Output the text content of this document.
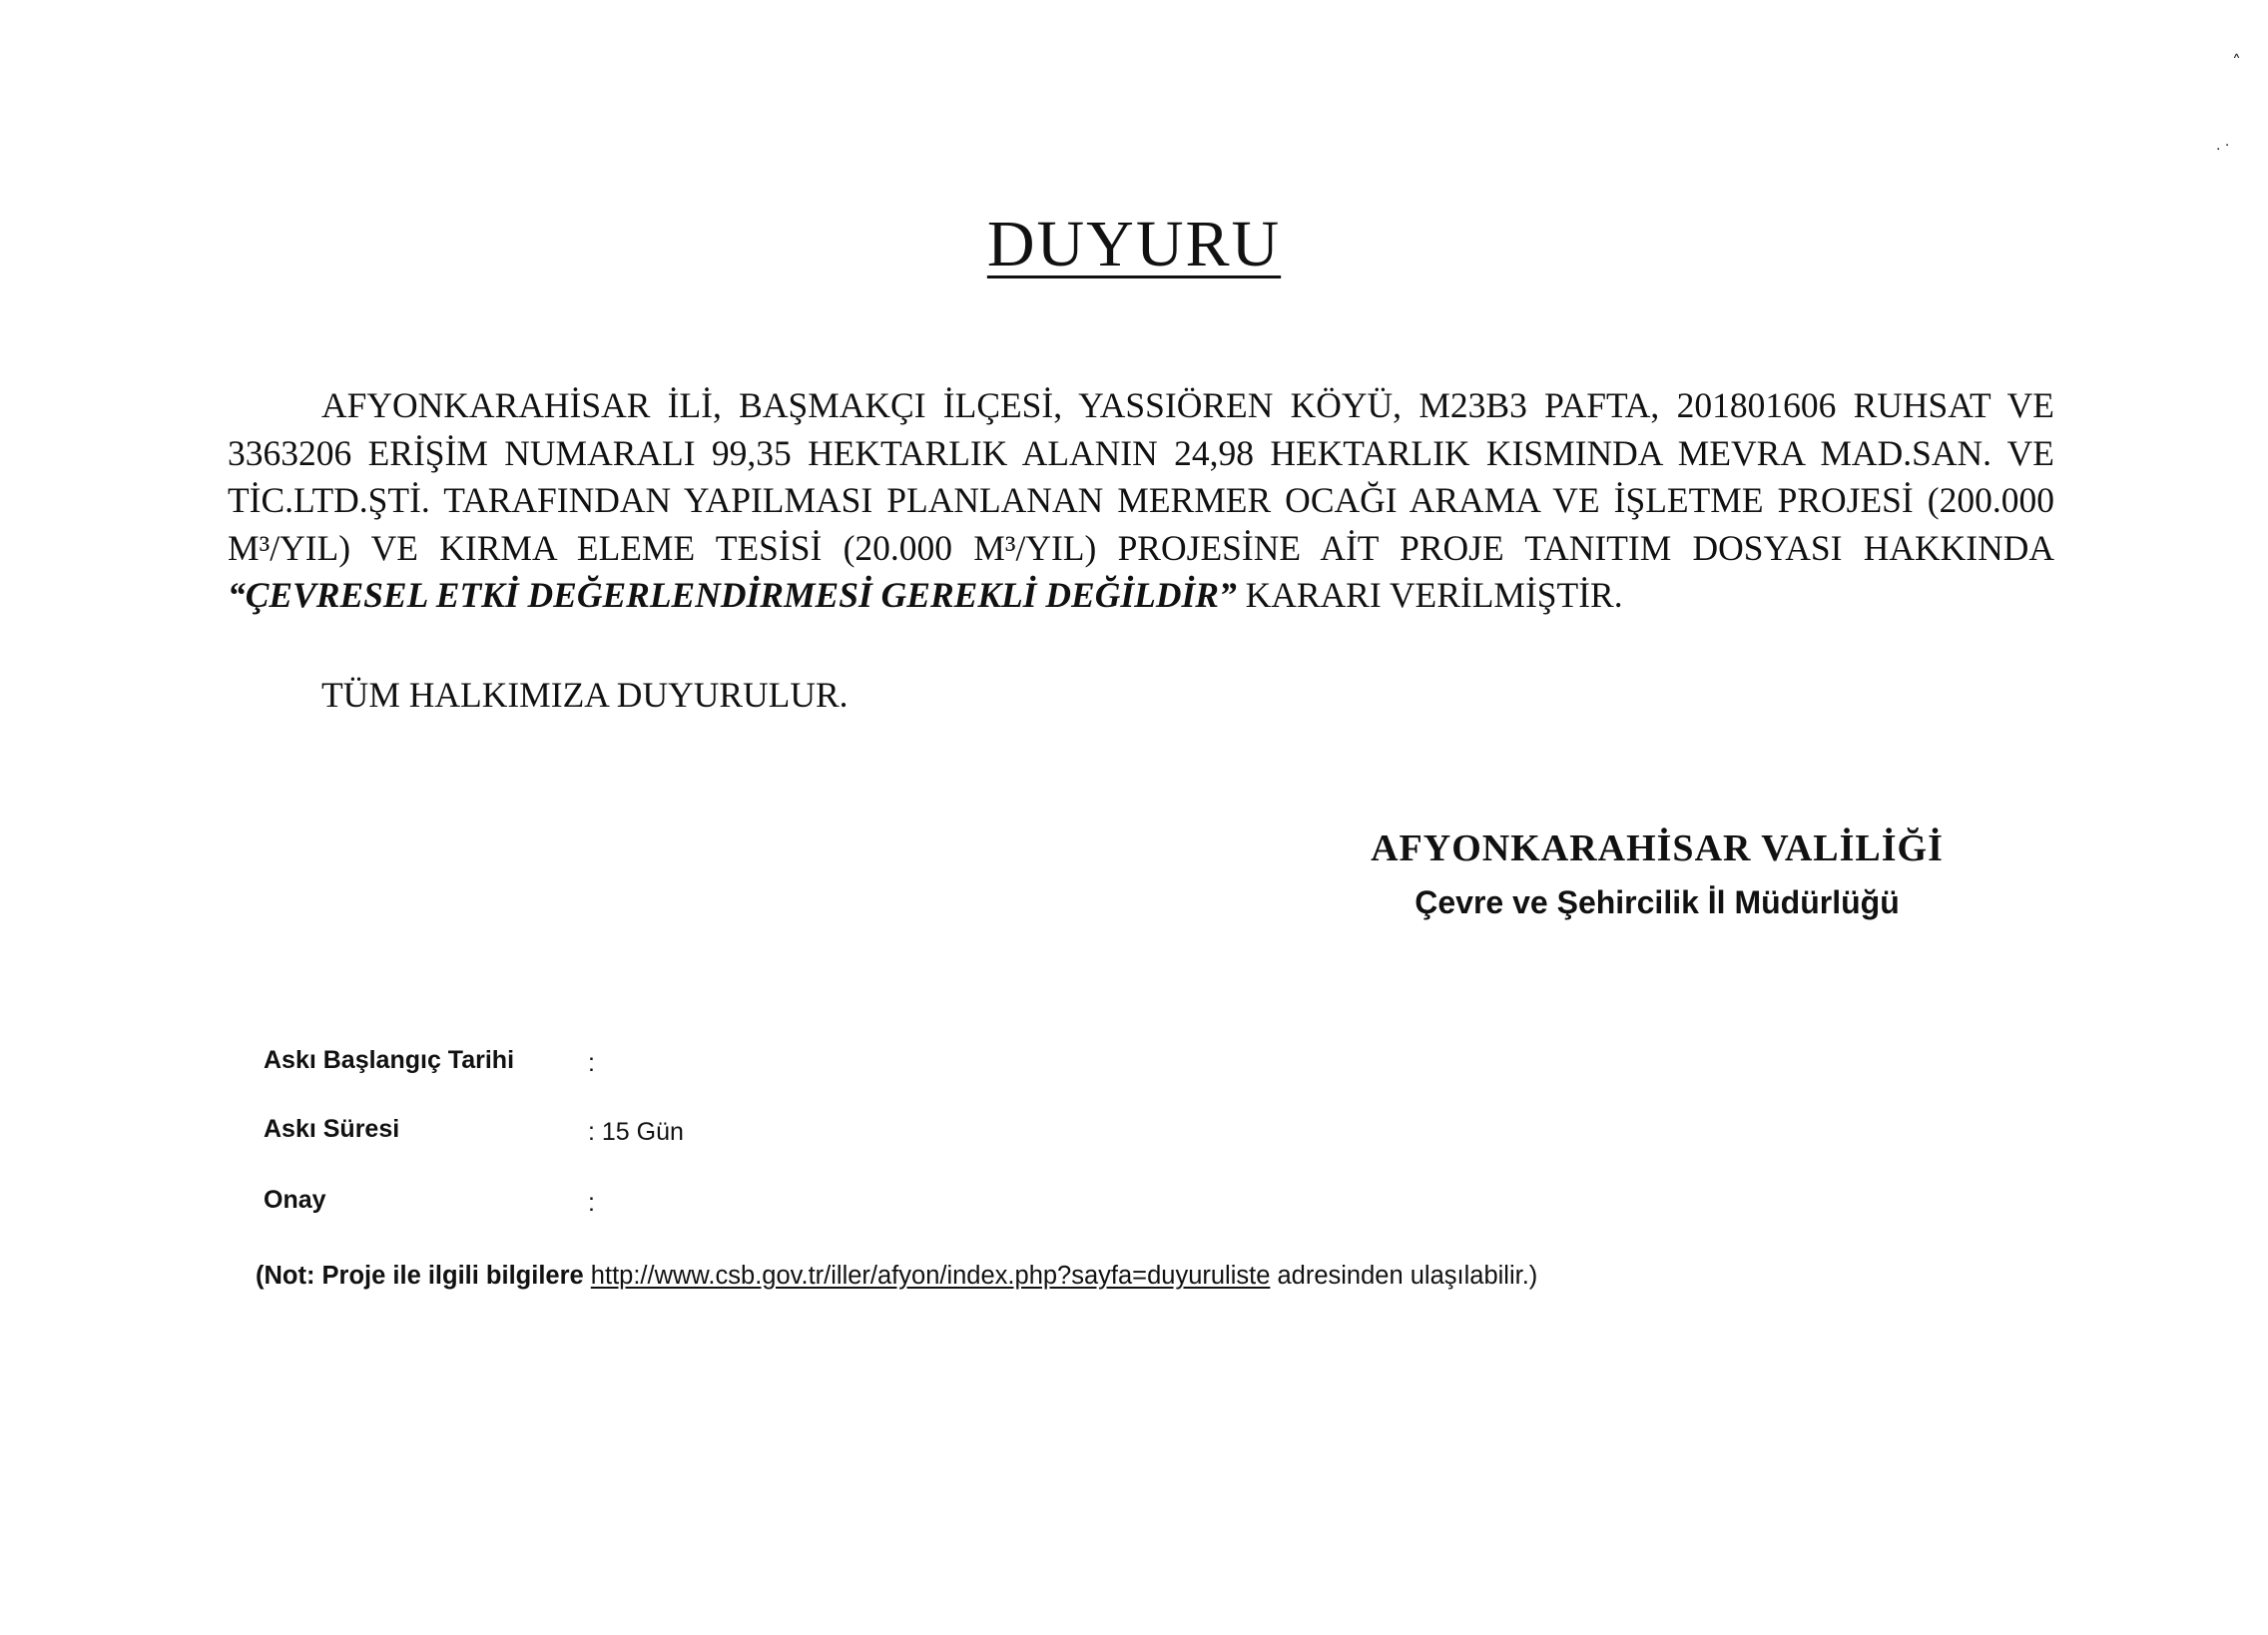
DUYURU

AFYONKARAHİSAR İLİ, BAŞMAKÇI İLÇESİ, YASSIÖREN KÖYÜ, M23B3 PAFTA, 201801606 RUHSAT VE 3363206 ERİŞİM NUMARALI 99,35 HEKTARLIK ALANIN 24,98 HEKTARLIK KISMINDA MEVRA MAD.SAN. VE TİC.LTD.ŞTİ. TARAFINDAN YAPILMASI PLANLANAN MERMER OCAĞI ARAMA VE İŞLETME PROJESİ (200.000 M³/YIL) VE KIRMA ELEME TESİSİ (20.000 M³/YIL) PROJESİNE AİT PROJE TANITIM DOSYASI HAKKINDA “ÇEVRESEL ETKİ DEĞERLENDİRMESİ GEREKLİ DEĞİLDİR” KARARI VERİLMİŞTİR.

TÜM HALKIMIZA DUYURULUR.
AFYONKARAHİSAR VALİLİĞİ
Çevre ve Şehircilik İl Müdürlüğü
Askı Başlangıç Tarihi	:
Askı Süresi	: 15 Gün
Onay	:
(Not: Proje ile ilgili bilgilere http://www.csb.gov.tr/iller/afyon/index.php?sayfa=duyuruliste adresinden ulaşılabilir.)
˄
. ·
